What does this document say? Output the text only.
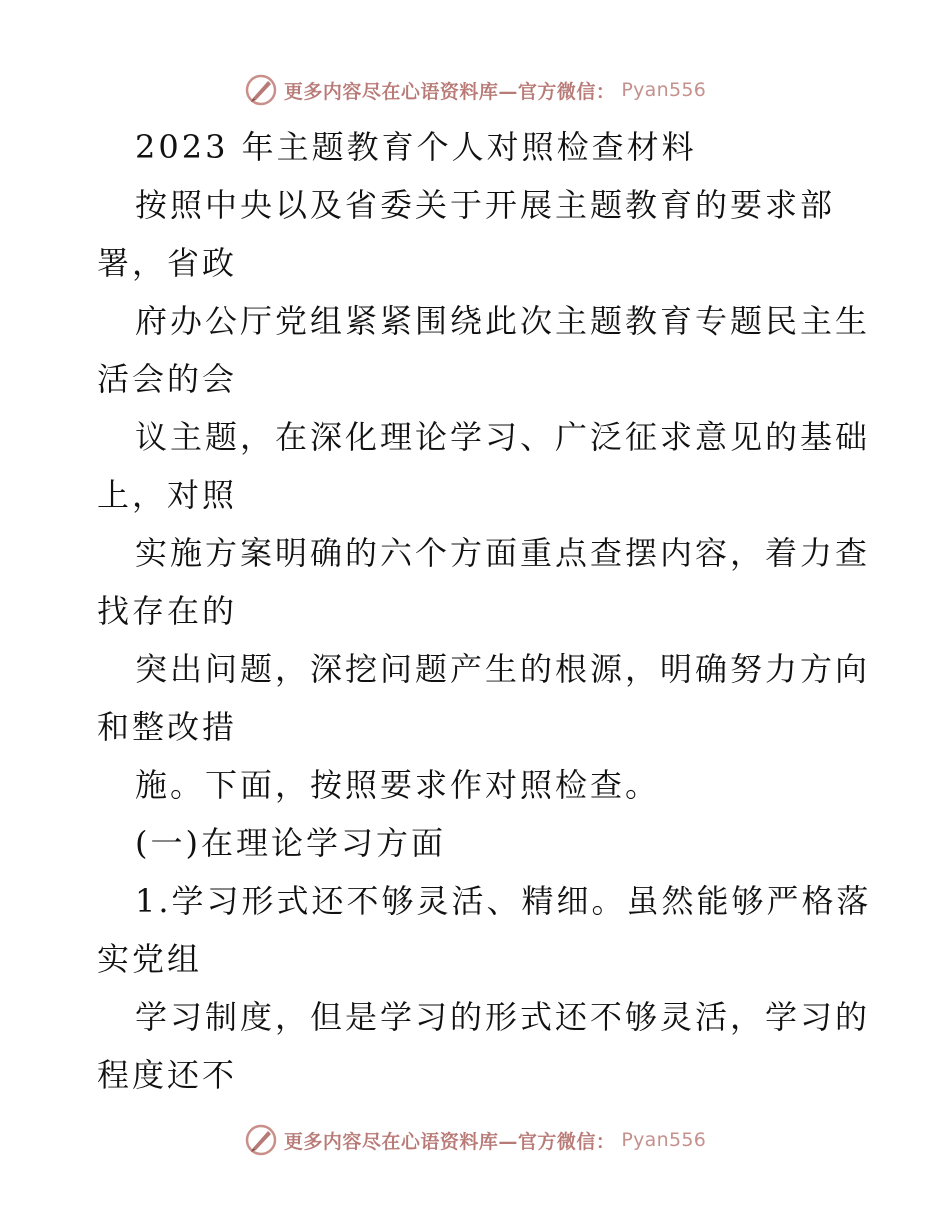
更多内容尽在心语资料库—官方微信： Pyan556
2023 年主题教育个人对照检查材料
按照中央以及省委关于开展主题教育的要求部
署，省政
府办公厅党组紧紧围绕此次主题教育专题民主生
活会的会
议主题，在深化理论学习、广泛征求意见的基础
上，对照
实施方案明确的六个方面重点查摆内容，着力查
找存在的
突出问题，深挖问题产生的根源，明确努力方向
和整改措
施。下面，按照要求作对照检查。
(一)在理论学习方面
1.学习形式还不够灵活、精细。虽然能够严格落
实党组
学习制度，但是学习的形式还不够灵活，学习的
程度还不
更多内容尽在心语资料库—官方微信： Pyan556
